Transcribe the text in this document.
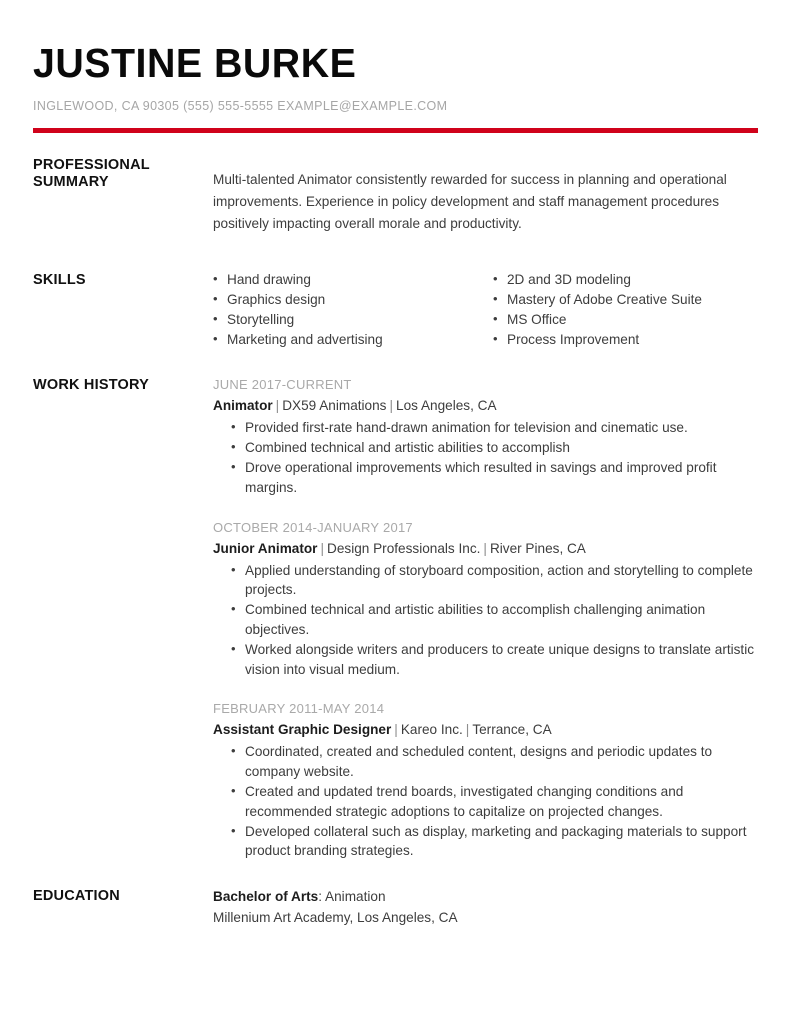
JUSTINE BURKE
INGLEWOOD, CA 90305 (555) 555-5555 EXAMPLE@EXAMPLE.COM
PROFESSIONAL
SUMMARY	Multi-talented Animator consistently rewarded for success in planning and operational improvements. Experience in policy development and staff management procedures positively impacting overall morale and productivity.

SKILLS	• Hand drawing
• Graphics design
• Storytelling
• Marketing and advertising
• 2D and 3D modeling
• Mastery of Adobe Creative Suite
• MS Office
• Process Improvement
WORK HISTORY	JUNE 2017-CURRENT
Animator | DX59 Animations | Los Angeles, CA
• Provided first-rate hand-drawn animation for television and cinematic use.
• Combined technical and artistic abilities to accomplish
• Drove operational improvements which resulted in savings and improved profit margins.
OCTOBER 2014-JANUARY 2017
Junior Animator | Design Professionals Inc. | River Pines, CA
• Applied understanding of storyboard composition, action and storytelling to complete projects.
• Combined technical and artistic abilities to accomplish challenging animation objectives.
• Worked alongside writers and producers to create unique designs to translate artistic vision into visual medium.
FEBRUARY 2011-MAY 2014
Assistant Graphic Designer | Kareo Inc. | Terrance, CA
• Coordinated, created and scheduled content, designs and periodic updates to company website.
• Created and updated trend boards, investigated changing conditions and recommended strategic adoptions to capitalize on projected changes.
• Developed collateral such as display, marketing and packaging materials to support product branding strategies.
EDUCATION	Bachelor of Arts: Animation
Millenium Art Academy, Los Angeles, CA
